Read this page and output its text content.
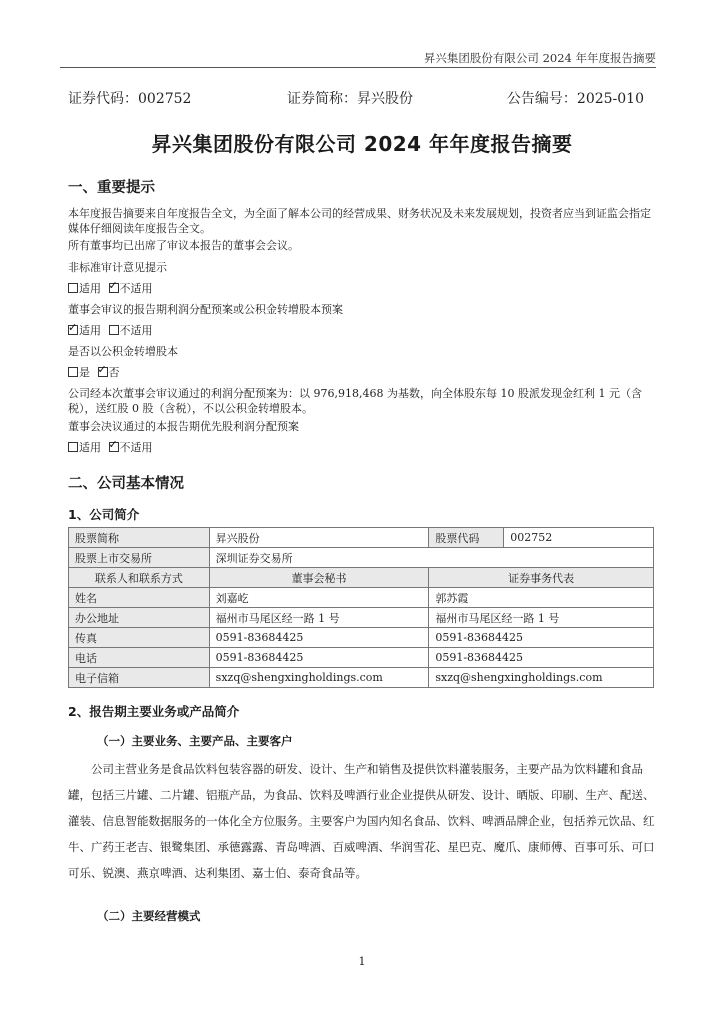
昇兴集团股份有限公司 2024 年年度报告摘要
证券代码：002752	证券简称：昇兴股份	公告编号：2025-010
昇兴集团股份有限公司 2024 年年度报告摘要
一、重要提示
本年度报告摘要来自年度报告全文，为全面了解本公司的经营成果、财务状况及未来发展规划，投资者应当到证监会指定媒体仔细阅读年度报告全文。
所有董事均已出席了审议本报告的董事会会议。
非标准审计意见提示
适用 ✓ 不适用
董事会审议的报告期利润分配预案或公积金转增股本预案
✓适用 不适用
是否以公积金转增股本
是 ✓ 否
公司经本次董事会审议通过的利润分配预案为：以 976,918,468 为基数，向全体股东每 10 股派发现金红利 1 元（含税），送红股 0 股（含税），不以公积金转增股本。
董事会决议通过的本报告期优先股利润分配预案
适用 ✓ 不适用
二、公司基本情况
1、公司简介
股票简称	昇兴股份	股票代码	002752
股票上市交易所	深圳证券交易所		
联系人和联系方式	董事会秘书	证券事务代表	
姓名	刘嘉屹	郭苏霞	
办公地址	福州市马尾区经一路 1 号	福州市马尾区经一路 1 号	
传真	0591-83684425	0591-83684425	
电话	0591-83684425	0591-83684425	
电子信箱	sxzq@shengxingholdings.com	sxzq@shengxingholdings.com	
2、报告期主要业务或产品简介
（一）主要业务、主要产品、主要客户
公司主营业务是食品饮料包装容器的研发、设计、生产和销售及提供饮料灌装服务，主要产品为饮料罐和食品罐，包括三片罐、二片罐、铝瓶产品，为食品、饮料及啤酒行业企业提供从研发、设计、晒版、印刷、生产、配送、灌装、信息智能数据服务的一体化全方位服务。主要客户为国内知名食品、饮料、啤酒品牌企业，包括养元饮品、红牛、广药王老吉、银鹭集团、承德露露、青岛啤酒、百威啤酒、华润雪花、星巴克、魔爪、康师傅、百事可乐、可口可乐、锐澳、燕京啤酒、达利集团、嘉士伯、泰奇食品等。
（二）主要经营模式
1
